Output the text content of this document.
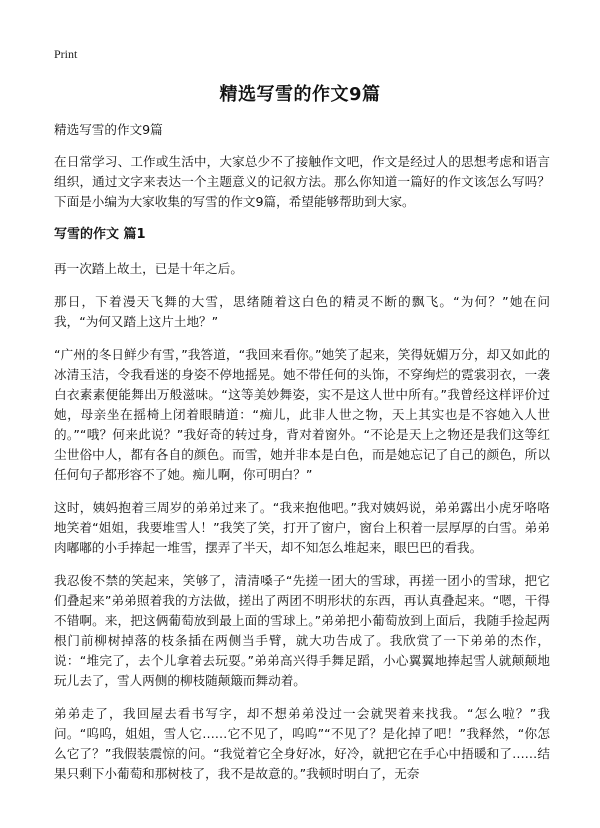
Print
精选写雪的作文9篇

精选写雪的作文9篇

在日常学习、工作或生活中，大家总少不了接触作文吧，作文是经过人的思想考虑和语言组织，通过文字来表达一个主题意义的记叙方法。那么你知道一篇好的作文该怎么写吗？下面是小编为大家收集的写雪的作文9篇，希望能够帮助到大家。

写雪的作文 篇1

再一次踏上故土，已是十年之后。

那日，下着漫天飞舞的大雪，思绪随着这白色的精灵不断的飘飞。“为何？”她在问我，“为何又踏上这片土地？”

“广州的冬日鲜少有雪，”我答道，“我回来看你。”她笑了起来，笑得妩媚万分，却又如此的冰清玉洁，令我看迷的身姿不停地摇晃。她不带任何的头饰，不穿绚烂的霓裳羽衣，一袭白衣素素便能舞出万般滋味。“这等美妙舞姿，实不是这人世中所有。”我曾经这样评价过她，母亲坐在摇椅上闭着眼睛道：“痴儿，此非人世之物，天上其实也是不容她入人世的。”“哦？何来此说？”我好奇的转过身，背对着窗外。“不论是天上之物还是我们这等红尘世俗中人，都有各自的颜色。而雪，她并非本是白色，而是她忘记了自己的颜色，所以任何句子都形容不了她。痴儿啊，你可明白？”

这时，姨妈抱着三周岁的弟弟过来了。“我来抱他吧。”我对姨妈说，弟弟露出小虎牙咯咯地笑着“姐姐，我要堆雪人！”我笑了笑，打开了窗户，窗台上积着一层厚厚的白雪。弟弟肉嘟嘟的小手捧起一堆雪，摆弄了半天，却不知怎么堆起来，眼巴巴的看我。

我忍俊不禁的笑起来，笑够了，清清嗓子“先搓一团大的雪球，再搓一团小的雪球，把它们叠起来”弟弟照着我的方法做，搓出了两团不明形状的东西，再认真叠起来。“嗯，干得不错啊。来，把这俩葡萄放到最上面的雪球上。”弟弟把小葡萄放到上面后，我随手捡起两根门前柳树掉落的枝条插在两侧当手臂，就大功告成了。我欣赏了一下弟弟的杰作，说：“堆完了，去个儿拿着去玩耍。”弟弟高兴得手舞足蹈，小心翼翼地捧起雪人就颠颠地玩儿去了，雪人两侧的柳枝随颠簸而舞动着。

弟弟走了，我回屋去看书写字，却不想弟弟没过一会就哭着来找我。“怎么啦？”我问。“呜呜，姐姐，雪人它……它不见了，呜呜”“不见了？是化掉了吧！”我释然，“你怎么它了？”我假装震惊的问。“我觉着它全身好冰，好冷，就把它在手心中捂暖和了……结果只剩下小葡萄和那树枝了，我不是故意的。”我顿时明白了，无奈
